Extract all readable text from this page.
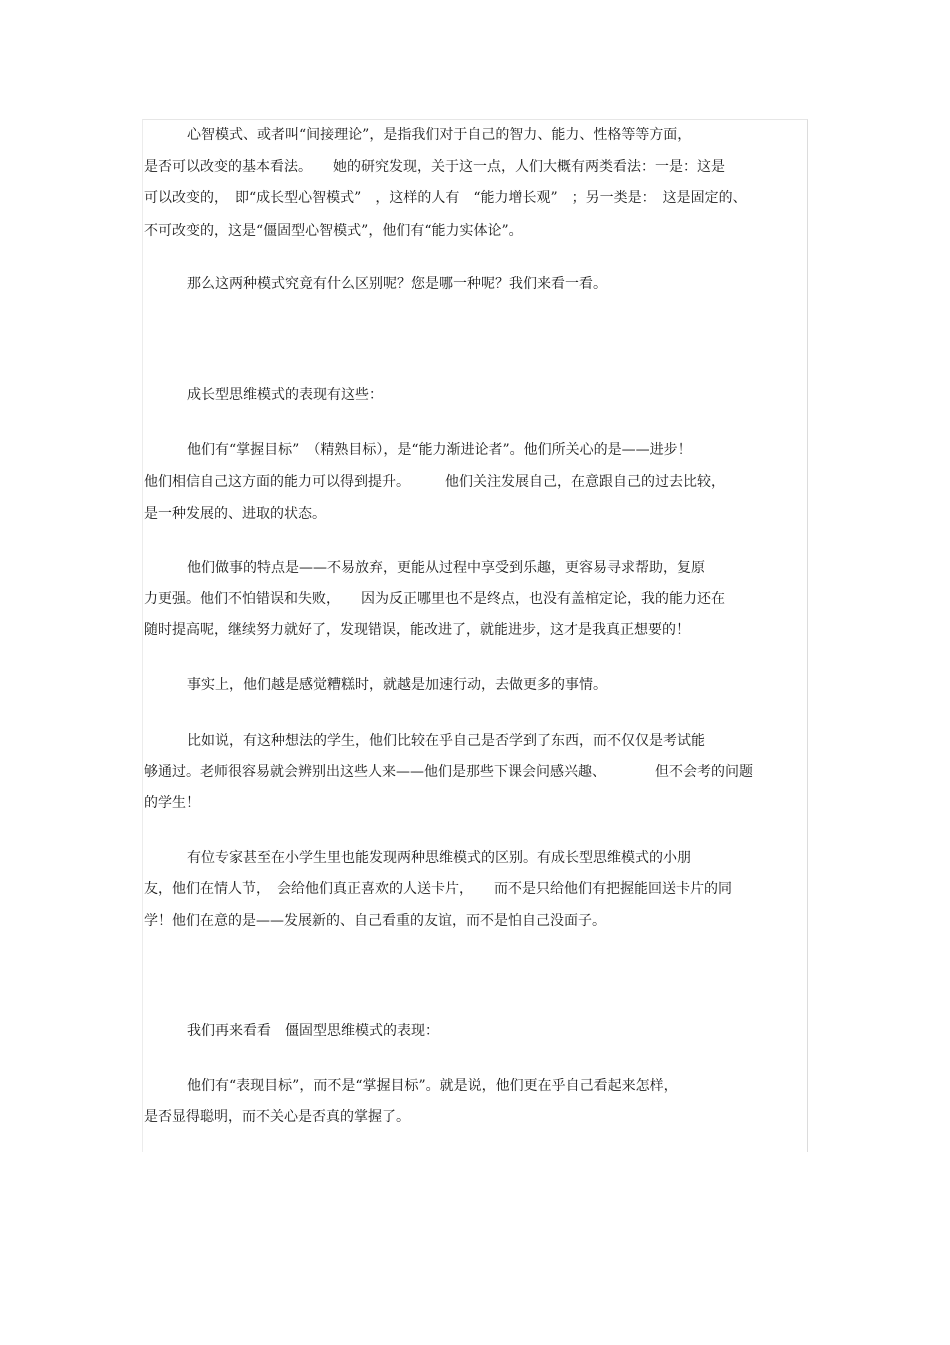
心智模式、或者叫“间接理论”，是指我们对于自己的智力、能力、性格等等方面，
是否可以改变的基本看法。　　她的研究发现，关于这一点，人们大概有两类看法：一是：这是
可以改变的，　即“成长型心智模式”　，这样的人有　“能力增长观”　；另一类是：　这是固定的、
不可改变的，这是“僵固型心智模式”，他们有“能力实体论”。
那么这两种模式究竟有什么区别呢？您是哪一种呢？我们来看一看。
成长型思维模式的表现有这些：
他们有“掌握目标”　（精熟目标），是“能力渐进论者”。他们所关心的是——进步！
他们相信自己这方面的能力可以得到提升。　　　他们关注发展自己，在意跟自己的过去比较，
是一种发展的、进取的状态。
他们做事的特点是——不易放弃，更能从过程中享受到乐趣，更容易寻求帮助，复原
力更强。他们不怕错误和失败，　　因为反正哪里也不是终点，也没有盖棺定论，我的能力还在
随时提高呢，继续努力就好了，发现错误，能改进了，就能进步，这才是我真正想要的！
事实上，他们越是感觉糟糕时，就越是加速行动，去做更多的事情。
比如说，有这种想法的学生，他们比较在乎自己是否学到了东西，而不仅仅是考试能
够通过。老师很容易就会辨别出这些人来——他们是那些下课会问感兴趣、　　　　但不会考的问题
的学生！
有位专家甚至在小学生里也能发现两种思维模式的区别。有成长型思维模式的小朋
友，他们在情人节，　会给他们真正喜欢的人送卡片，　　而不是只给他们有把握能回送卡片的同
学！他们在意的是——发展新的、自己看重的友谊，而不是怕自己没面子。
我们再来看看　僵固型思维模式的表现：
他们有“表现目标”，而不是“掌握目标”。就是说，他们更在乎自己看起来怎样，
是否显得聪明，而不关心是否真的掌握了。
